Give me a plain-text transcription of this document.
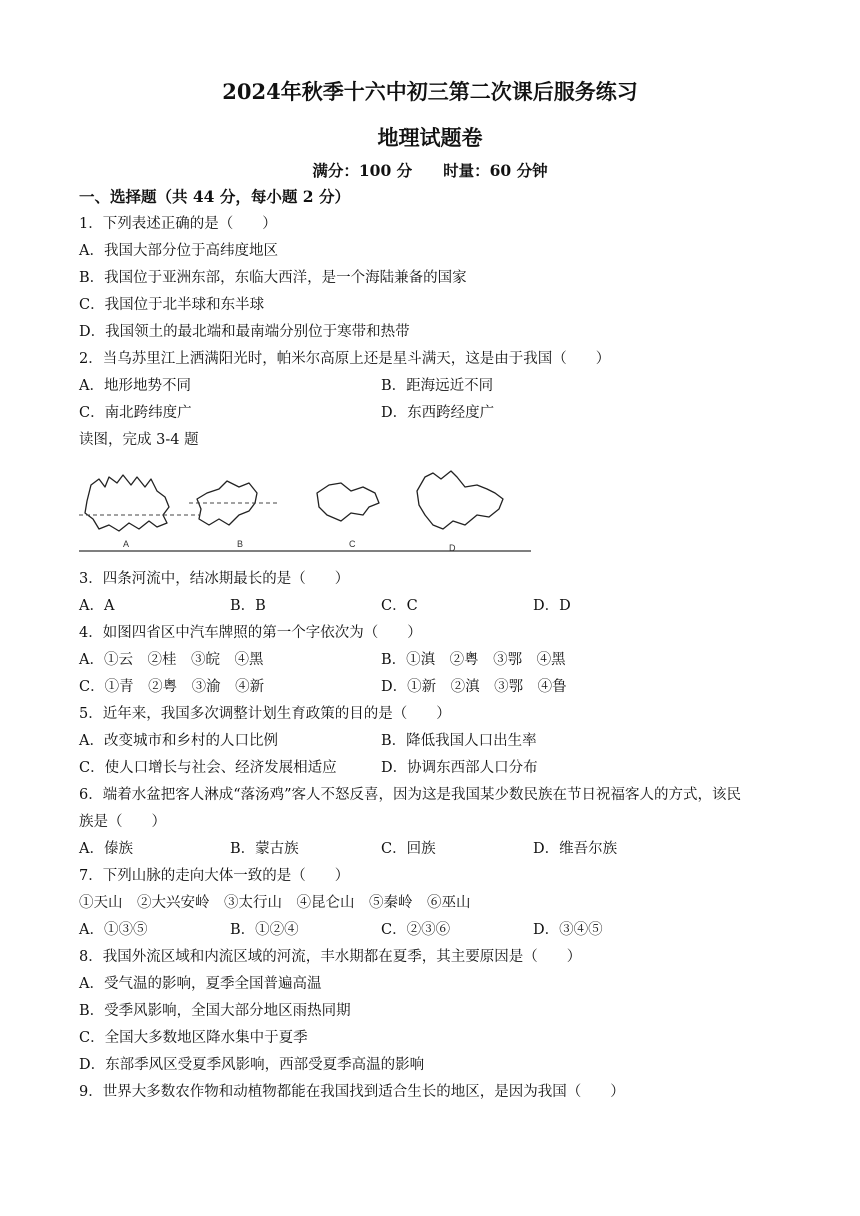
2024年秋季十六中初三第二次课后服务练习
地理试题卷
满分：100 分　　时量：60 分钟
一、选择题（共 44 分，每小题 2 分）
1．下列表述正确的是（　　）
A．我国大部分位于高纬度地区
B．我国位于亚洲东部，东临大西洋，是一个海陆兼备的国家
C．我国位于北半球和东半球
D．我国领土的最北端和最南端分别位于寒带和热带
2．当乌苏里江上洒满阳光时，帕米尔高原上还是星斗满天，这是由于我国（　　）
A．地形地势不同	B．距海远近不同
C．南北跨纬度广	D．东西跨经度广
读图，完成 3-4 题
A	B	C	D
3．四条河流中，结冰期最长的是（　　）
A．A	B．B	C．C	D．D
4．如图四省区中汽车牌照的第一个字依次为（　　）
A．①云　②桂　③皖　④黑	B．①滇　②粤　③鄂　④黑
C．①青　②粤　③渝　④新	D．①新　②滇　③鄂　④鲁
5．近年来，我国多次调整计划生育政策的目的是（　　）
A．改变城市和乡村的人口比例	B．降低我国人口出生率
C．使人口增长与社会、经济发展相适应	D．协调东西部人口分布
6．端着水盆把客人淋成“落汤鸡”客人不怒反喜，因为这是我国某少数民族在节日祝福客人的方式，该民
族是（　　）
A．傣族	B．蒙古族	C．回族	D．维吾尔族
7．下列山脉的走向大体一致的是（　　）
①天山　②大兴安岭　③太行山　④昆仑山　⑤秦岭　⑥巫山
A．①③⑤	B．①②④	C．②③⑥	D．③④⑤
8．我国外流区域和内流区域的河流，丰水期都在夏季，其主要原因是（　　）
A．受气温的影响，夏季全国普遍高温
B．受季风影响，全国大部分地区雨热同期
C．全国大多数地区降水集中于夏季
D．东部季风区受夏季风影响，西部受夏季高温的影响
9．世界大多数农作物和动植物都能在我国找到适合生长的地区，是因为我国（　　）
